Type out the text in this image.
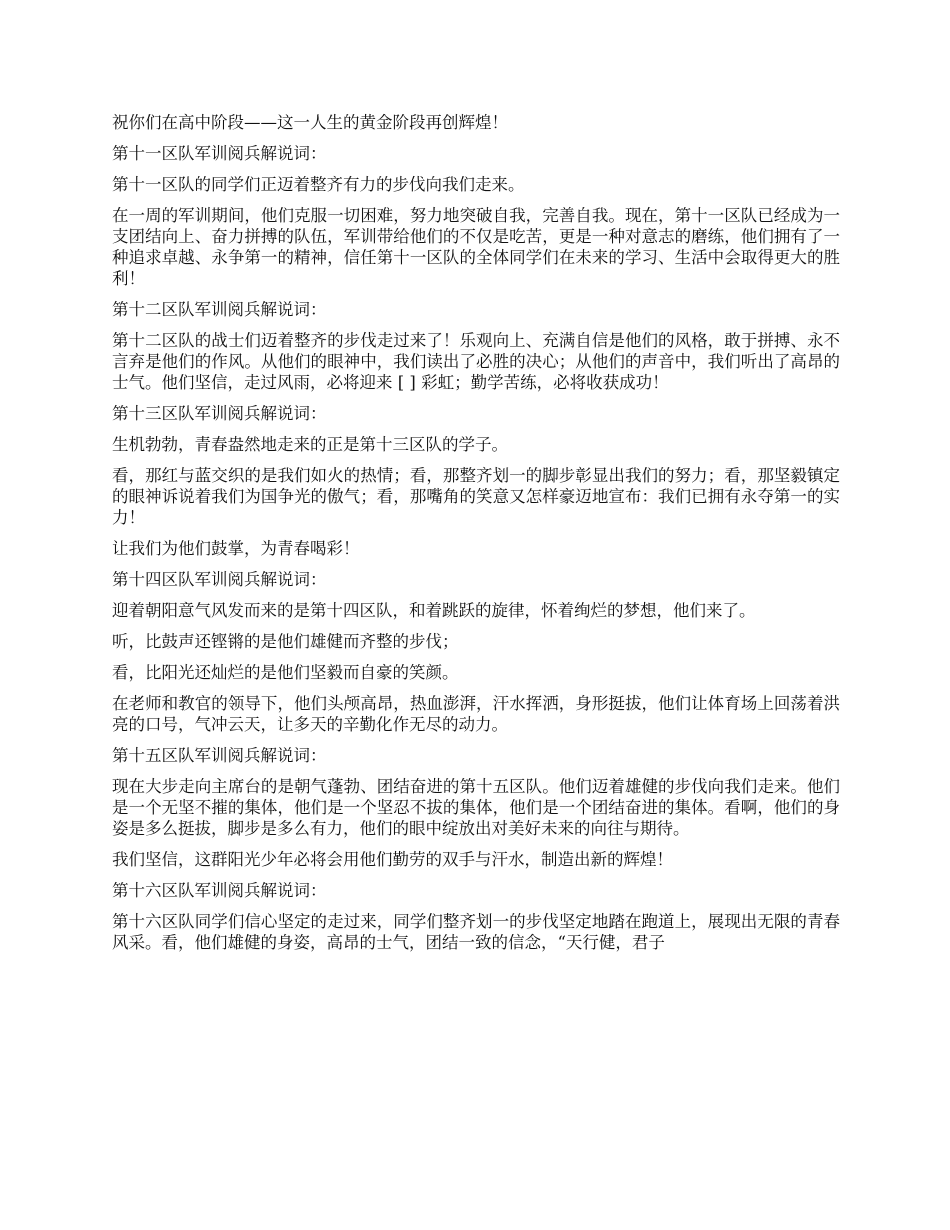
祝你们在高中阶段——这一人生的黄金阶段再创辉煌！

第十一区队军训阅兵解说词：

第十一区队的同学们正迈着整齐有力的步伐向我们走来。

在一周的军训期间，他们克服一切困难，努力地突破自我，完善自我。现在，第十一区队已经成为一支团结向上、奋力拼搏的队伍，军训带给他们的不仅是吃苦，更是一种对意志的磨练，他们拥有了一种追求卓越、永争第一的精神，信任第十一区队的全体同学们在未来的学习、生活中会取得更大的胜利！

第十二区队军训阅兵解说词：

第十二区队的战士们迈着整齐的步伐走过来了！乐观向上、充满自信是他们的风格，敢于拼搏、永不言弃是他们的作风。从他们的眼神中，我们读出了必胜的决心；从他们的声音中，我们听出了高昂的士气。他们坚信，走过风雨，必将迎来 [ ] 彩虹；勤学苦练，必将收获成功！

第十三区队军训阅兵解说词：

生机勃勃，青春盎然地走来的正是第十三区队的学子。

看，那红与蓝交织的是我们如火的热情；看，那整齐划一的脚步彰显出我们的努力；看，那坚毅镇定的眼神诉说着我们为国争光的傲气；看，那嘴角的笑意又怎样豪迈地宣布：我们已拥有永夺第一的实力！

让我们为他们鼓掌，为青春喝彩！

第十四区队军训阅兵解说词：

迎着朝阳意气风发而来的是第十四区队，和着跳跃的旋律，怀着绚烂的梦想，他们来了。

听，比鼓声还铿锵的是他们雄健而齐整的步伐；

看，比阳光还灿烂的是他们坚毅而自豪的笑颜。

在老师和教官的领导下，他们头颅高昂，热血澎湃，汗水挥洒，身形挺拔，他们让体育场上回荡着洪亮的口号，气冲云天，让多天的辛勤化作无尽的动力。

第十五区队军训阅兵解说词：

现在大步走向主席台的是朝气蓬勃、团结奋进的第十五区队。他们迈着雄健的步伐向我们走来。他们是一个无坚不摧的集体，他们是一个坚忍不拔的集体，他们是一个团结奋进的集体。看啊，他们的身姿是多么挺拔，脚步是多么有力，他们的眼中绽放出对美好未来的向往与期待。

我们坚信，这群阳光少年必将会用他们勤劳的双手与汗水，制造出新的辉煌！

第十六区队军训阅兵解说词：

第十六区队同学们信心坚定的走过来，同学们整齐划一的步伐坚定地踏在跑道上，展现出无限的青春风采。看，他们雄健的身姿，高昂的士气，团结一致的信念，“天行健，君子
